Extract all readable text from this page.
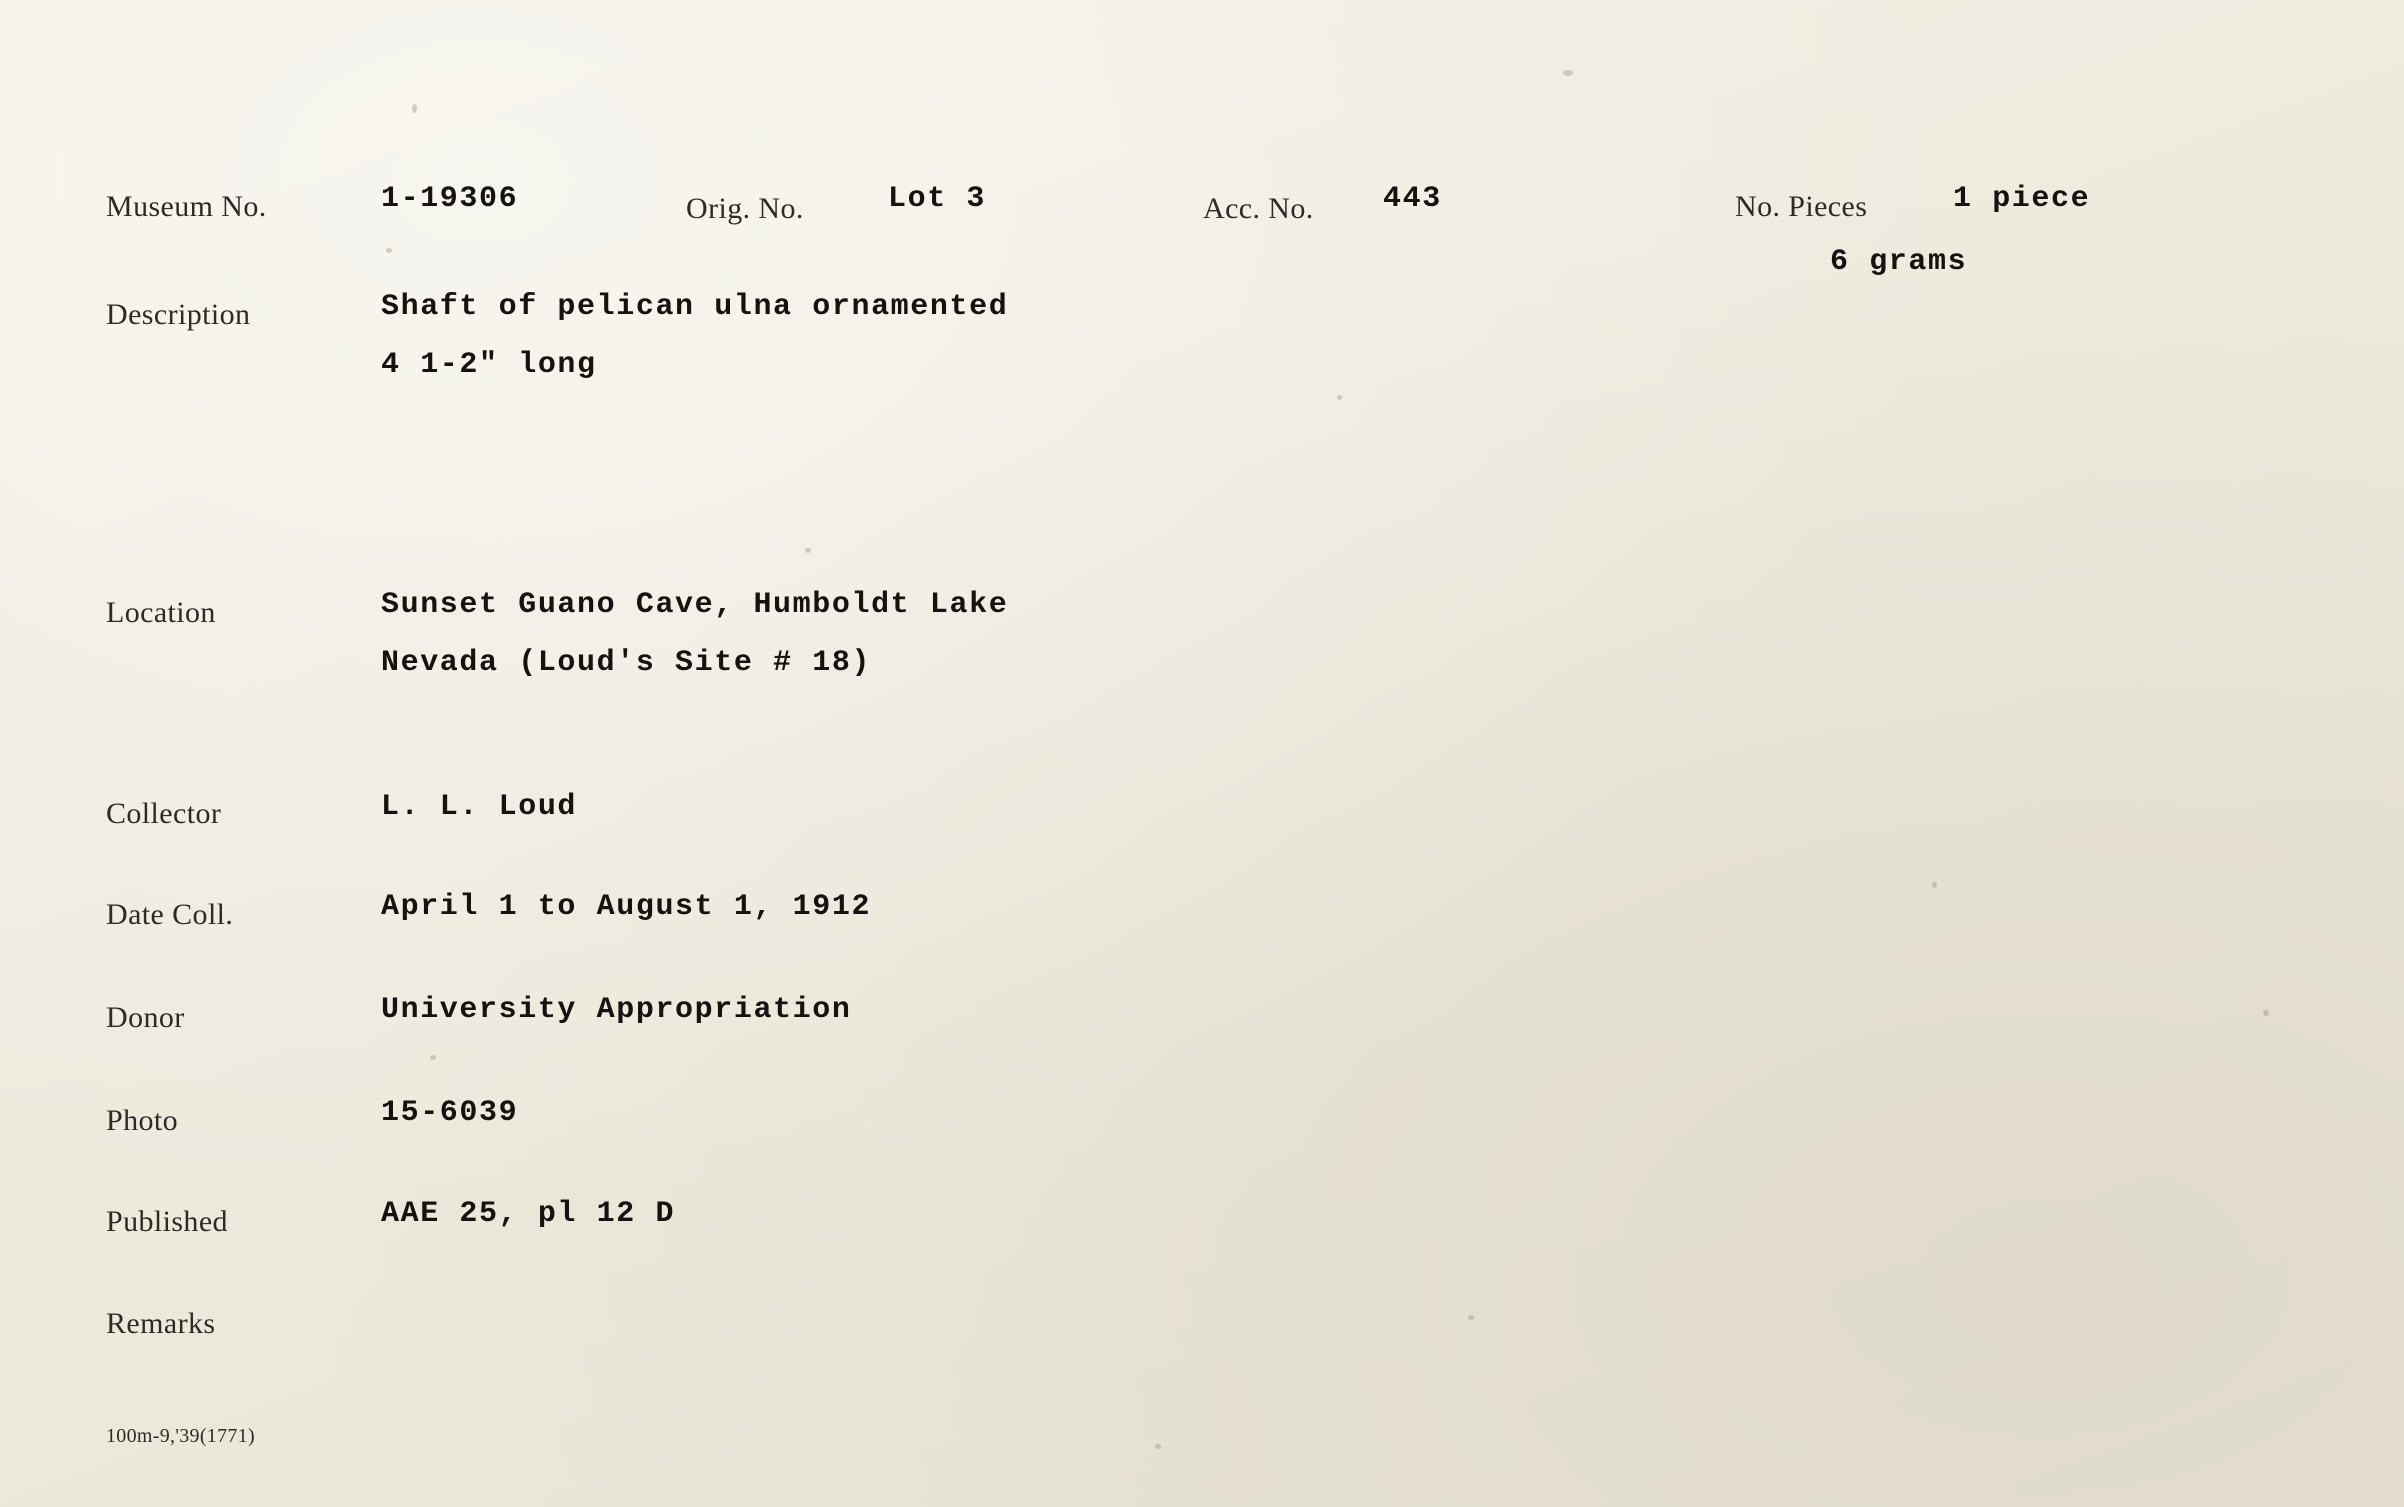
Museum No.	1-19306	Orig. No.	Lot 3	Acc. No. 443	No. Pieces	1 piece
6 grams
Description	Shaft of pelican ulna ornamented
4 1-2" long
Location	Sunset Guano Cave, Humboldt Lake
Nevada (Loud's Site # 18)
Collector	L. L. Loud
Date Coll.	April 1 to August 1, 1912
Donor	University Appropriation
Photo	15-6039
Published	AAE 25, pl 12 D
Remarks
100m-9,'39(1771)
